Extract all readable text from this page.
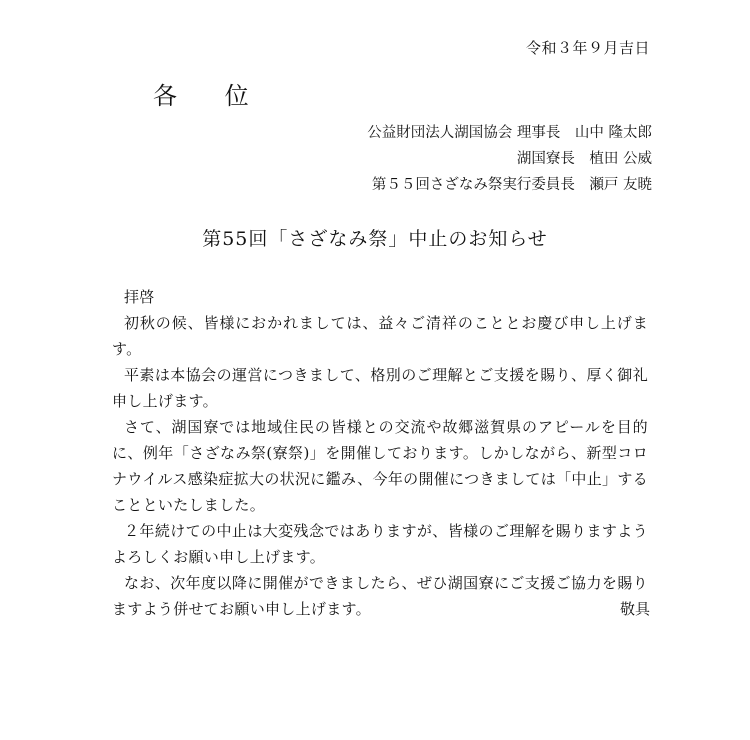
令和３年９月吉日
各 位
公益財団法人湖国協会 理事長　山中 隆太郎
湖国寮長　植田 公威
第５５回さざなみ祭実行委員長　瀬戸 友暁
第55回「さざなみ祭」中止のお知らせ
拝啓

初秋の候、皆様におかれましては、益々ご清祥のこととお慶び申し上げます。

平素は本協会の運営につきまして、格別のご理解とご支援を賜り、厚く御礼申し上げます。

さて、湖国寮では地域住民の皆様との交流や故郷滋賀県のアピールを目的に、例年「さざなみ祭(寮祭)」を開催しております。しかしながら、新型コロナウイルス感染症拡大の状況に鑑み、今年の開催につきましては「中止」することといたしました。

２年続けての中止は大変残念ではありますが、皆様のご理解を賜りますようよろしくお願い申し上げます。

なお、次年度以降に開催ができましたら、ぜひ湖国寮にご支援ご協力を賜りますよう併せてお願い申し上げます。	敬具
